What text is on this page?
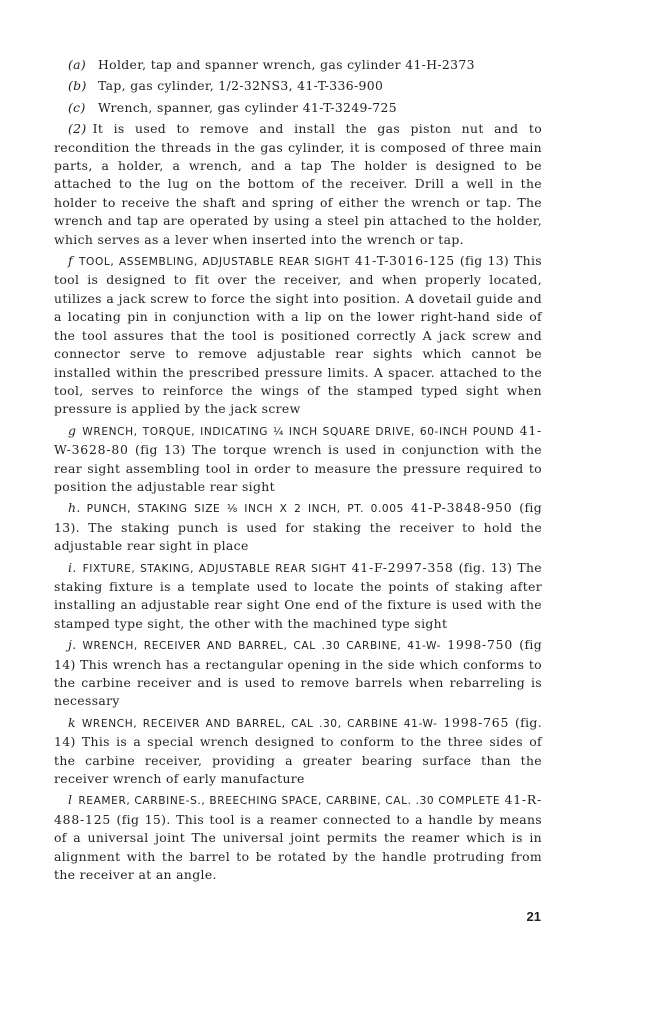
(a) Holder, tap and spanner wrench, gas cylinder 41-H-2373
(b) Tap, gas cylinder, 1/2-32NS3, 41-T-336-900
(c) Wrench, spanner, gas cylinder 41-T-3249-725

(2) It is used to remove and install the gas piston nut and to recondition the threads in the gas cylinder, it is composed of three main parts, a holder, a wrench, and a tap The holder is designed to be attached to the lug on the bottom of the receiver. Drill a well in the holder to receive the shaft and spring of either the wrench or tap. The wrench and tap are operated by using a steel pin attached to the holder, which serves as a lever when inserted into the wrench or tap.

f TOOL, ASSEMBLING, ADJUSTABLE REAR SIGHT 41-T-3016-125 (fig 13) This tool is designed to fit over the receiver, and when properly located, utilizes a jack screw to force the sight into position. A dovetail guide and a locating pin in conjunction with a lip on the lower right-hand side of the tool assures that the tool is positioned correctly A jack screw and connector serve to remove adjustable rear sights which cannot be installed within the prescribed pressure limits. A spacer. attached to the tool, serves to reinforce the wings of the stamped typed sight when pressure is applied by the jack screw

g WRENCH, TORQUE, INDICATING ¼ INCH SQUARE DRIVE, 60-INCH POUND 41-W-3628-80 (fig 13) The torque wrench is used in conjunction with the rear sight assembling tool in order to measure the pressure required to position the adjustable rear sight

h. PUNCH, STAKING SIZE ⅛ INCH X 2 INCH, PT. 0.005 41-P-3848-950 (fig 13). The staking punch is used for staking the receiver to hold the adjustable rear sight in place

i. FIXTURE, STAKING, ADJUSTABLE REAR SIGHT 41-F-2997-358 (fig. 13) The staking fixture is a template used to locate the points of staking after installing an adjustable rear sight One end of the fixture is used with the stamped type sight, the other with the machined type sight

j. WRENCH, RECEIVER AND BARREL, CAL .30 CARBINE, 41-W- 1998-750 (fig 14) This wrench has a rectangular opening in the side which conforms to the carbine receiver and is used to remove barrels when rebarreling is necessary

k WRENCH, RECEIVER AND BARREL, CAL .30, CARBINE 41-W- 1998-765 (fig. 14) This is a special wrench designed to conform to the three sides of the carbine receiver, providing a greater bearing surface than the receiver wrench of early manufacture

l REAMER, CARBINE-S., BREECHING SPACE, CARBINE, CAL. .30 COMPLETE 41-R-488-125 (fig 15). This tool is a reamer connected to a handle by means of a universal joint The universal joint permits the reamer which is in alignment with the barrel to be rotated by the handle protruding from the receiver at an angle.

21
